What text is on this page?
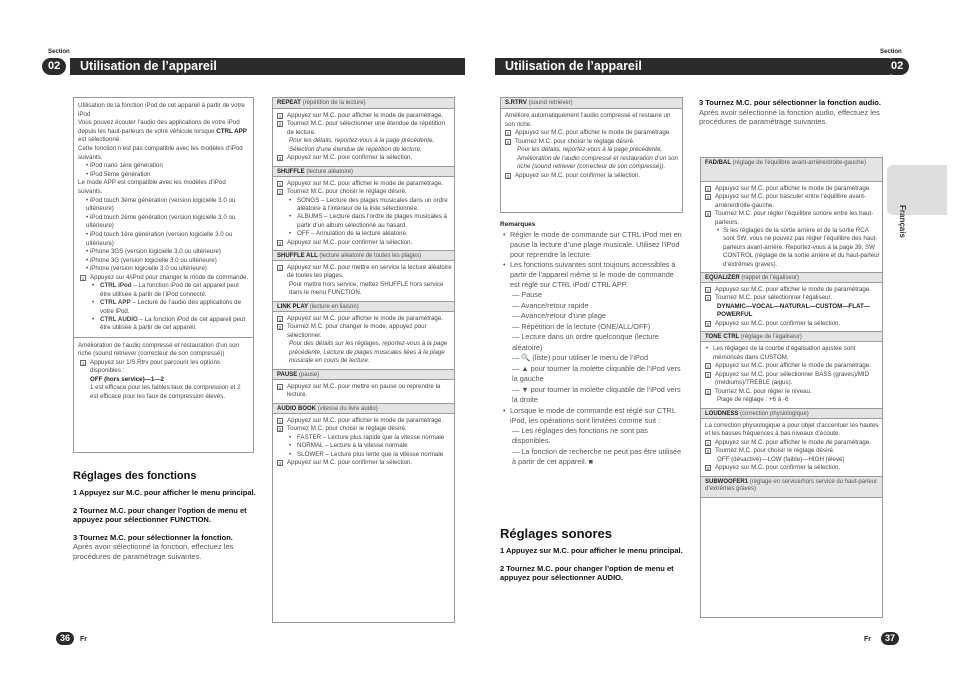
Section
02	Utilisation de l’appareil
Section
02
Utilisation de l’appareil
Français
Utilisation de la fonction iPod de cet appareil à partir de votre iPod
Vous pouvez écouter l’audio des applications de votre iPod depuis les haut-parleurs de votre véhicule lorsque CTRL APP est sélectionné.
Cette fonction n’est pas compatible avec les modèles d’iPod suivants.
• iPod nano 1ère génération
• iPod 5ème génération
Le mode APP est compatible avec les modèles d’iPod suivants.
• iPod touch 3ème génération (version logicielle 3.0 ou ultérieure)
• iPod touch 2ème génération (version logicielle 3.0 ou ultérieure)
• iPod touch 1ère génération (version logicielle 3.0 ou ultérieure)
• iPhone 3GS (version logicielle 3.0 ou ultérieure)
• iPhone 3G (version logicielle 3.0 ou ultérieure)
• iPhone (version logicielle 3.0 ou ultérieure)
1 Appuyez sur 4/iPod pour changer le mode de commande.
• CTRL iPod – La fonction iPod de cet appareil peut être utilisée à partir de l’iPod connecté.
• CTRL APP – Lecture de l’audio des applications de votre iPod.
• CTRL AUDIO – La fonction iPod de cet appareil peut être utilisée à partir de cet appareil.
Amélioration de l’audio compressé et restauration d’un son riche (sound retriever (correcteur de son compressé))
1 Appuyez sur 1/S.Rtrv pour parcourir les options disponibles :
OFF (hors service)—1—2
1 est efficace pour les faibles taux de compression et 2 est efficace pour les faux de compression élevés.
Réglages des fonctions
1 Appuyez sur M.C. pour afficher le menu principal.
2 Tournez M.C. pour changer l’option de menu et appuyez pour sélectionner FUNCTION.
3 Tournez M.C. pour sélectionner la fonction.
Après avoir sélectionné la fonction, effectuez les procédures de paramétrage suivantes.
REPEAT (répétition de la lecture)
1 Appuyez sur M.C. pour afficher le mode de paramétrage.
2 Tournez M.C. pour sélectionner une étendue de répétition de lecture.
Pour les détails, reportez-vous à la page précédente, Sélection d’une étendue de répétition de lecture.
3 Appuyez sur M.C. pour confirmer la sélection.
SHUFFLE (lecture aléatoire)
1 Appuyez sur M.C. pour afficher le mode de paramétrage.
2 Tournez M.C. pour choisir le réglage désiré.
• SONGS – Lecture des plages musicales dans un ordre aléatoire à l’intérieur de la liste sélectionnée.
• ALBUMS – Lecture dans l’ordre de plages musicales à partir d’un album sélectionné au hasard.
• OFF – Annulation de la lecture aléatoire.
3 Appuyez sur M.C. pour confirmer la sélection.
SHUFFLE ALL (lecture aléatoire de toutes les plages)
1 Appuyez sur M.C. pour mettre en service la lecture aléatoire de toutes les plages.
Pour mettre hors service, mettez SHUFFLE hors service dans le menu FUNCTION.
LINK PLAY (lecture en liaison)
1 Appuyez sur M.C. pour afficher le mode de paramétrage.
2 Tournez M.C. pour changer le mode, appuyez pour sélectionner.
Pour des détails sur les réglages, reportez-vous à la page précédente, Lecture de plages musicales liées à la plage musicale en cours de lecture.
PAUSE (pause)
1 Appuyez sur M.C. pour mettre en pause ou reprendre la lecture.
AUDIO BOOK (vitesse du livre audio)
1 Appuyez sur M.C. pour afficher le mode de paramétrage.
2 Tournez M.C. pour choisir le réglage désiré.
• FASTER – Lecture plus rapide que la vitesse normale
• NORMAL – Lecture à la vitesse normale
• SLOWER – Lecture plus lente que la vitesse normale
3 Appuyez sur M.C. pour confirmer la sélection.
S.RTRV (sound retriever)
Améliore automatiquement l’audio compressé et restaure un son riche.
1 Appuyez sur M.C. pour afficher le mode de paramétrage.
2 Tournez M.C. pour choisir le réglage désiré.
Pour les détails, reportez-vous à la page précédente, Amélioration de l’audio compressé et restauration d’un son riche (sound retriever (correcteur de son compressé)).
3 Appuyez sur M.C. pour confirmer la sélection.
Remarques
• Régler le mode de commande sur CTRL iPod met en pause la lecture d’une plage musicale. Utilisez l’iPod pour reprendre la lecture.
• Les fonctions suivantes sont toujours accessibles à partir de l’appareil même si le mode de commande est réglé sur CTRL iPod/ CTRL APP.
— Pause
— Avance/retour rapide
— Avance/retour d’une plage
— Répétition de la lecture (ONE/ALL/OFF)
— Lecture dans un ordre quelconque (lecture aléatoire)
— 🔍 (liste) pour utiliser le menu de l’iPod
— ▲ pour tourner la molette cliquable de l’iPod vers la gauche
— ▼ pour tourner la molette cliquable de l’iPod vers la droite
• Lorsque le mode de commande est réglé sur CTRL iPod, les opérations sont limitées comme suit :
— Les réglages des fonctions ne sont pas disponibles.
— La fonction de recherche ne peut pas être utilisée à partir de cet appareil. ■
Réglages sonores
1 Appuyez sur M.C. pour afficher le menu principal.
2 Tournez M.C. pour changer l’option de menu et appuyez pour sélectionner AUDIO.
3 Tournez M.C. pour sélectionner la fonction audio.
Après avoir sélectionné la fonction audio, effectuez les procédures de paramétrage suivantes.
FAD/BAL (réglage de l’équilibre avant-arrière/droite-gauche)
1 Appuyez sur M.C. pour afficher le mode de paramétrage.
2 Appuyez sur M.C. pour basculer entre l’équilibre avant-arrière/droite-gauche.
3 Tournez M.C. pour régler l’équilibre sonore entre les haut-parleurs.
• Si les réglages de la sortie arrière et de la sortie RCA sont SW, vous ne pouvez pas régler l’équilibre des haut-parleurs avant-arrière. Reportez-vous à la page 39, SW CONTROL (réglage de la sortie arrière et du haut-parleur d’extrêmes graves).
EQUALIZER (rappel de l’égaliseur)
1 Appuyez sur M.C. pour afficher le mode de paramétrage.
2 Tournez M.C. pour sélectionner l’égaliseur.
DYNAMIC—VOCAL—NATURAL—CUSTOM—FLAT—POWERFUL
3 Appuyez sur M.C. pour confirmer la sélection.
TONE CTRL (réglage de l’égaliseur)
• Les réglages de la courbe d’égalisation ajustée sont mémorisés dans CUSTOM.
1 Appuyez sur M.C. pour afficher le mode de paramétrage.
2 Appuyez sur M.C. pour sélectionner BASS (graves)/MID (médiums)/TREBLE (aigus).
3 Tournez M.C. pour régler le niveau.
Plage de réglage : +6 à -6
LOUDNESS (correction physiologique)
La correction physiologique a pour objet d’accentuer les hautes et les basses fréquences à bas niveaux d’écoute.
1 Appuyez sur M.C. pour afficher le mode de paramétrage.
2 Tournez M.C. pour choisir le réglage désiré.
OFF (désactivé)—LOW (faible)—HIGH (élevé)
3 Appuyez sur M.C. pour confirmer la sélection.
SUBWOOFER1 (réglage en service/hors service du haut-parleur d’extrêmes graves)
36	Fr	Fr	37
